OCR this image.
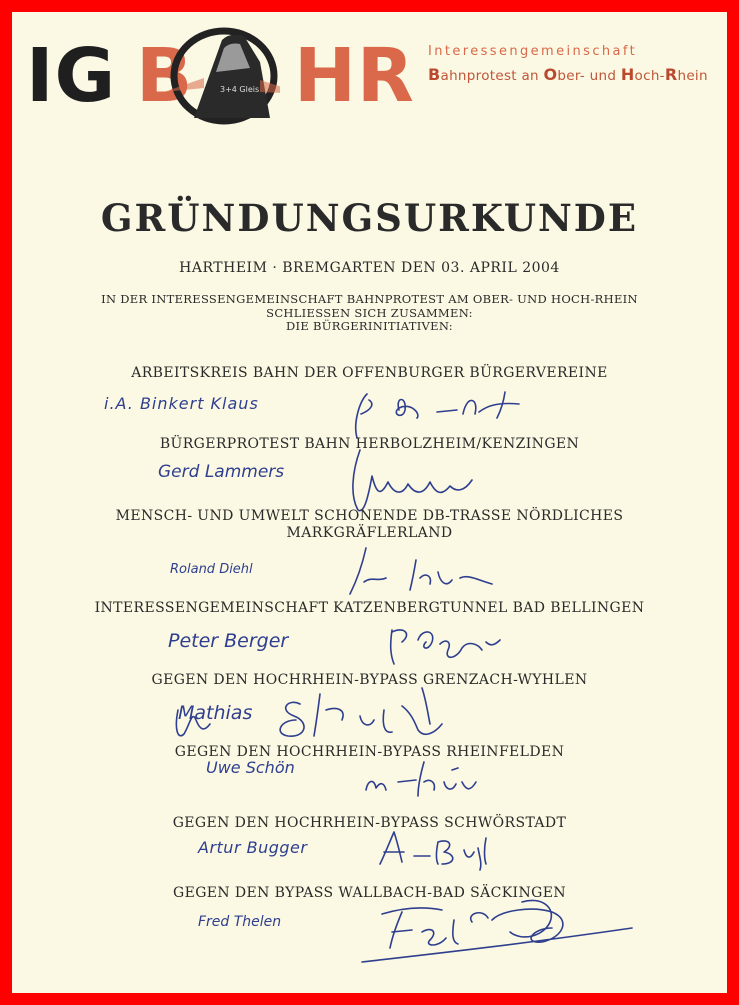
IG B	3+4 Gleis HR Interessengemeinschaft
Bahnprotest an Ober- und Hoch-Rhein
GRÜNDUNGSURKUNDE
HARTHEIM · BREMGARTEN DEN 03. APRIL 2004
IN DER INTERESSENGEMEINSCHAFT BAHNPROTEST AM OBER- UND HOCH-RHEIN
SCHLIESSEN SICH ZUSAMMEN:
DIE BÜRGERINITIATIVEN:
ARBEITSKREIS BAHN DER OFFENBURGER BÜRGERVEREINE
i.A. Binkert Klaus
BÜRGERPROTEST BAHN HERBOLZHEIM/KENZINGEN
Gerd Lammers
MENSCH- UND UMWELT SCHONENDE DB-TRASSE NÖRDLICHES
MARKGRÄFLERLAND
Roland Diehl
INTERESSENGEMEINSCHAFT KATZENBERGTUNNEL BAD BELLINGEN
Peter Berger
GEGEN DEN HOCHRHEIN-BYPASS GRENZACH-WYHLEN
Mathias
GEGEN DEN HOCHRHEIN-BYPASS RHEINFELDEN
Uwe Schön
GEGEN DEN HOCHRHEIN-BYPASS SCHWÖRSTADT
Artur Bugger
GEGEN DEN BYPASS WALLBACH-BAD SÄCKINGEN
Fred Thelen
